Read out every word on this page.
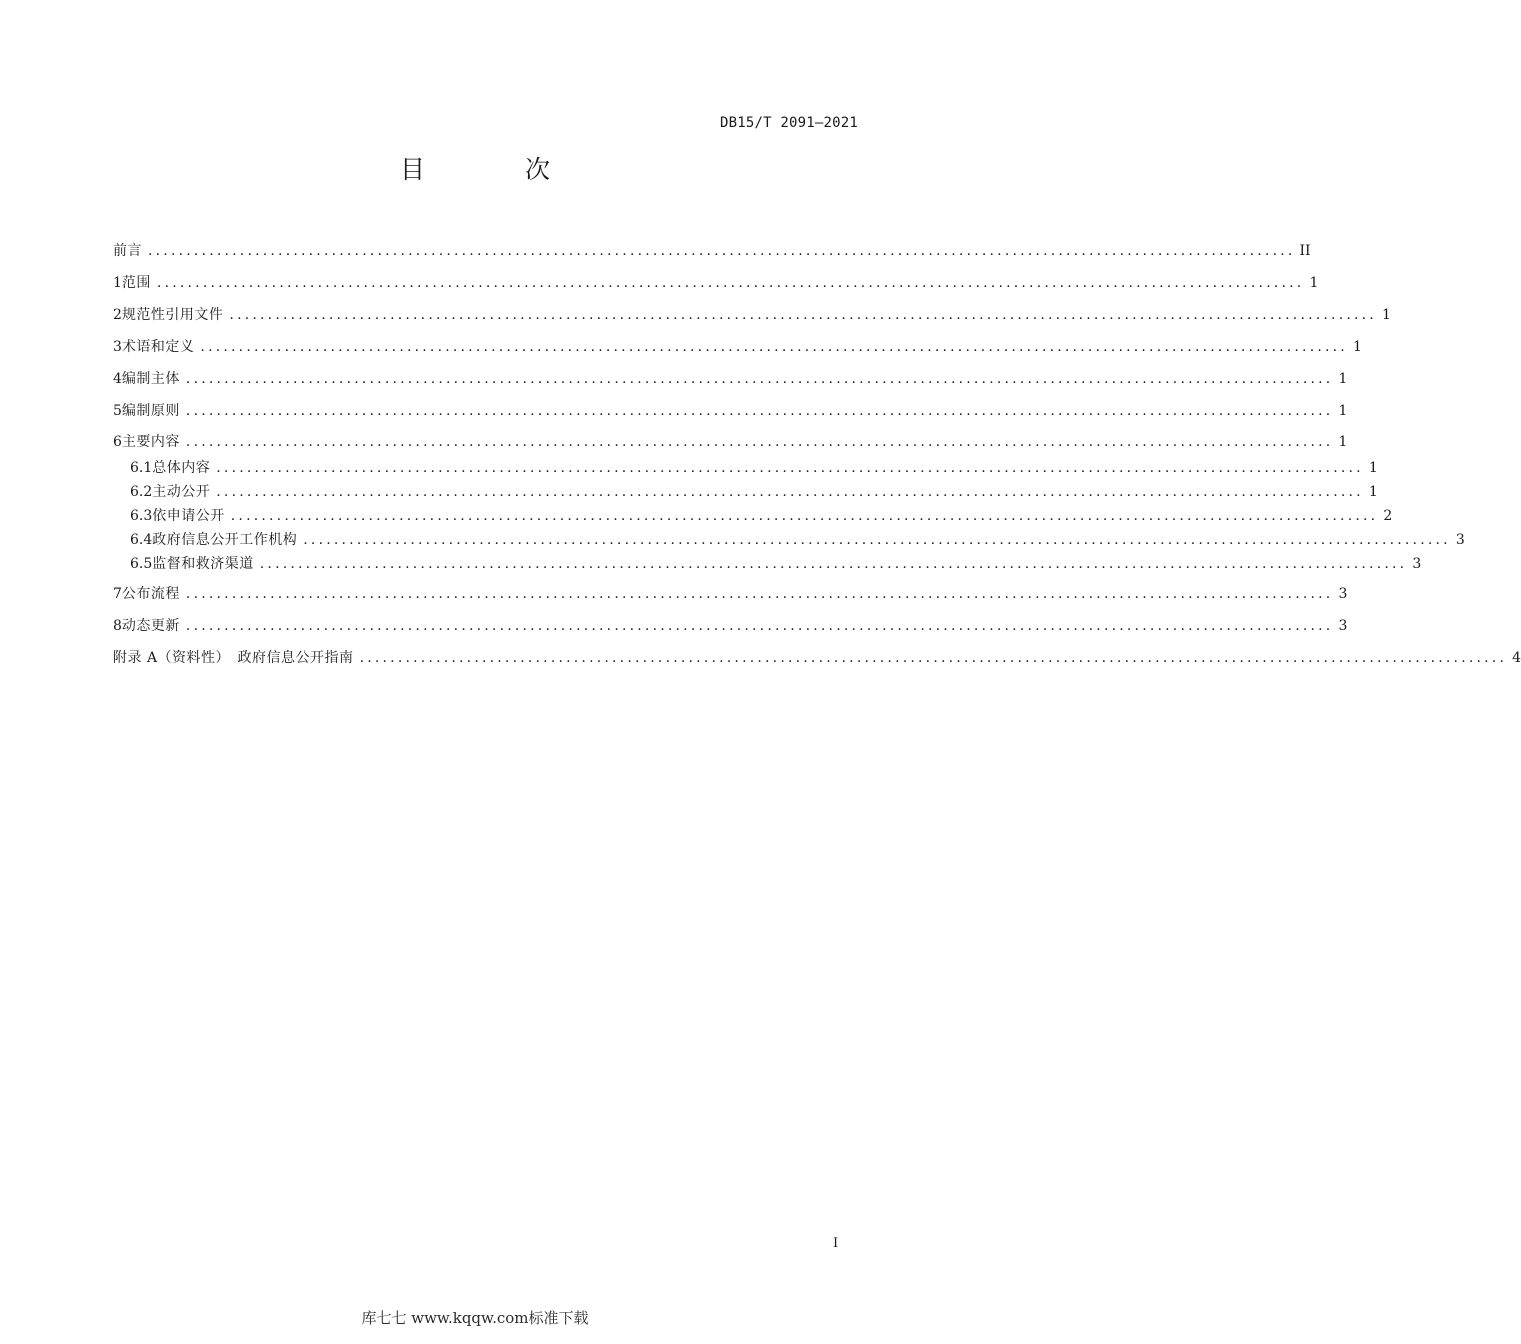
DB15/T 2091—2021
目 次
前言 ...................................................................................................................................................... II
1 范围 ...................................................................................................................................................... 1
2 规范性引用文件 ...................................................................................................................................................... 1
3 术语和定义 ...................................................................................................................................................... 1
4 编制主体 ...................................................................................................................................................... 1
5 编制原则 ...................................................................................................................................................... 1
6 主要内容 ...................................................................................................................................................... 1
6.1 总体内容 ...................................................................................................................................................... 1
6.2 主动公开 ...................................................................................................................................................... 1
6.3 依申请公开 ...................................................................................................................................................... 2
6.4 政府信息公开工作机构 ...................................................................................................................................................... 3
6.5 监督和救济渠道 ...................................................................................................................................................... 3
7 公布流程 ...................................................................................................................................................... 3
8 动态更新 ...................................................................................................................................................... 3
附录 A（资料性）　政府信息公开指南 ...................................................................................................................................................... 4
I
库七七 www.kqqw.com标准下载
